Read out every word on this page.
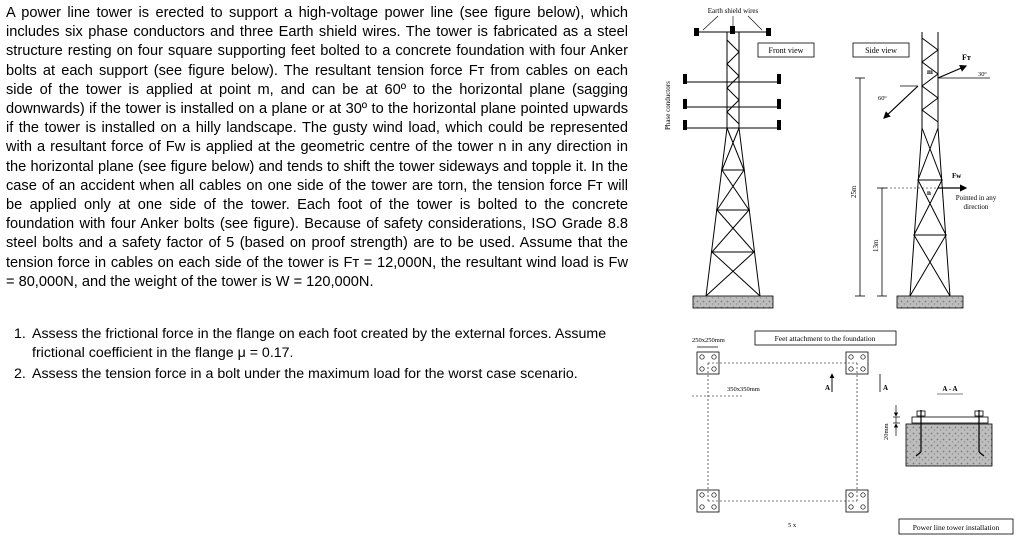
A power line tower is erected to support a high-voltage power line (see figure below), which includes six phase conductors and three Earth shield wires. The tower is fabricated as a steel structure resting on four square supporting feet bolted to a concrete foundation with four Anker bolts at each support (see figure below). The resultant tension force Fᴛ from cables on each side of the tower is applied at point m, and can be at 60º to the horizontal plane (sagging downwards) if the tower is installed on a plane or at 30º to the horizontal plane pointed upwards if the tower is installed on a hilly landscape. The gusty wind load, which could be represented with a resultant force of Fᴡ is applied at the geometric centre of the tower n in any direction in the horizontal plane (see figure below) and tends to shift the tower sideways and topple it. In the case of an accident when all cables on one side of the tower are torn, the tension force Fᴛ will be applied only at one side of the tower. Each foot of the tower is bolted to the concrete foundation with four Anker bolts (see figure). Because of safety considerations, ISO Grade 8.8 steel bolts and a safety factor of 5 (based on proof strength) are to be used. Assume that the tension force in cables on each side of the tower is Fᴛ = 12,000N, the resultant wind load is Fᴡ = 80,000N, and the weight of the tower is W = 120,000N.
1. Assess the frictional force in the flange on each foot created by the external forces. Assume frictional coefficient in the flange μ = 0.17.
2. Assess the tension force in a bolt under the maximum load for the worst case scenario.
Earth shield wires
Phase conductors
Front view	Side view
Fᴛ
30º
60º
m
Fᴡ
n
Pointed in any
direction
25m
13m
250x250mm	Feet attachment to the foundation
350x350mm	A	A	A - A
20mm
5 x	Power line tower installation
